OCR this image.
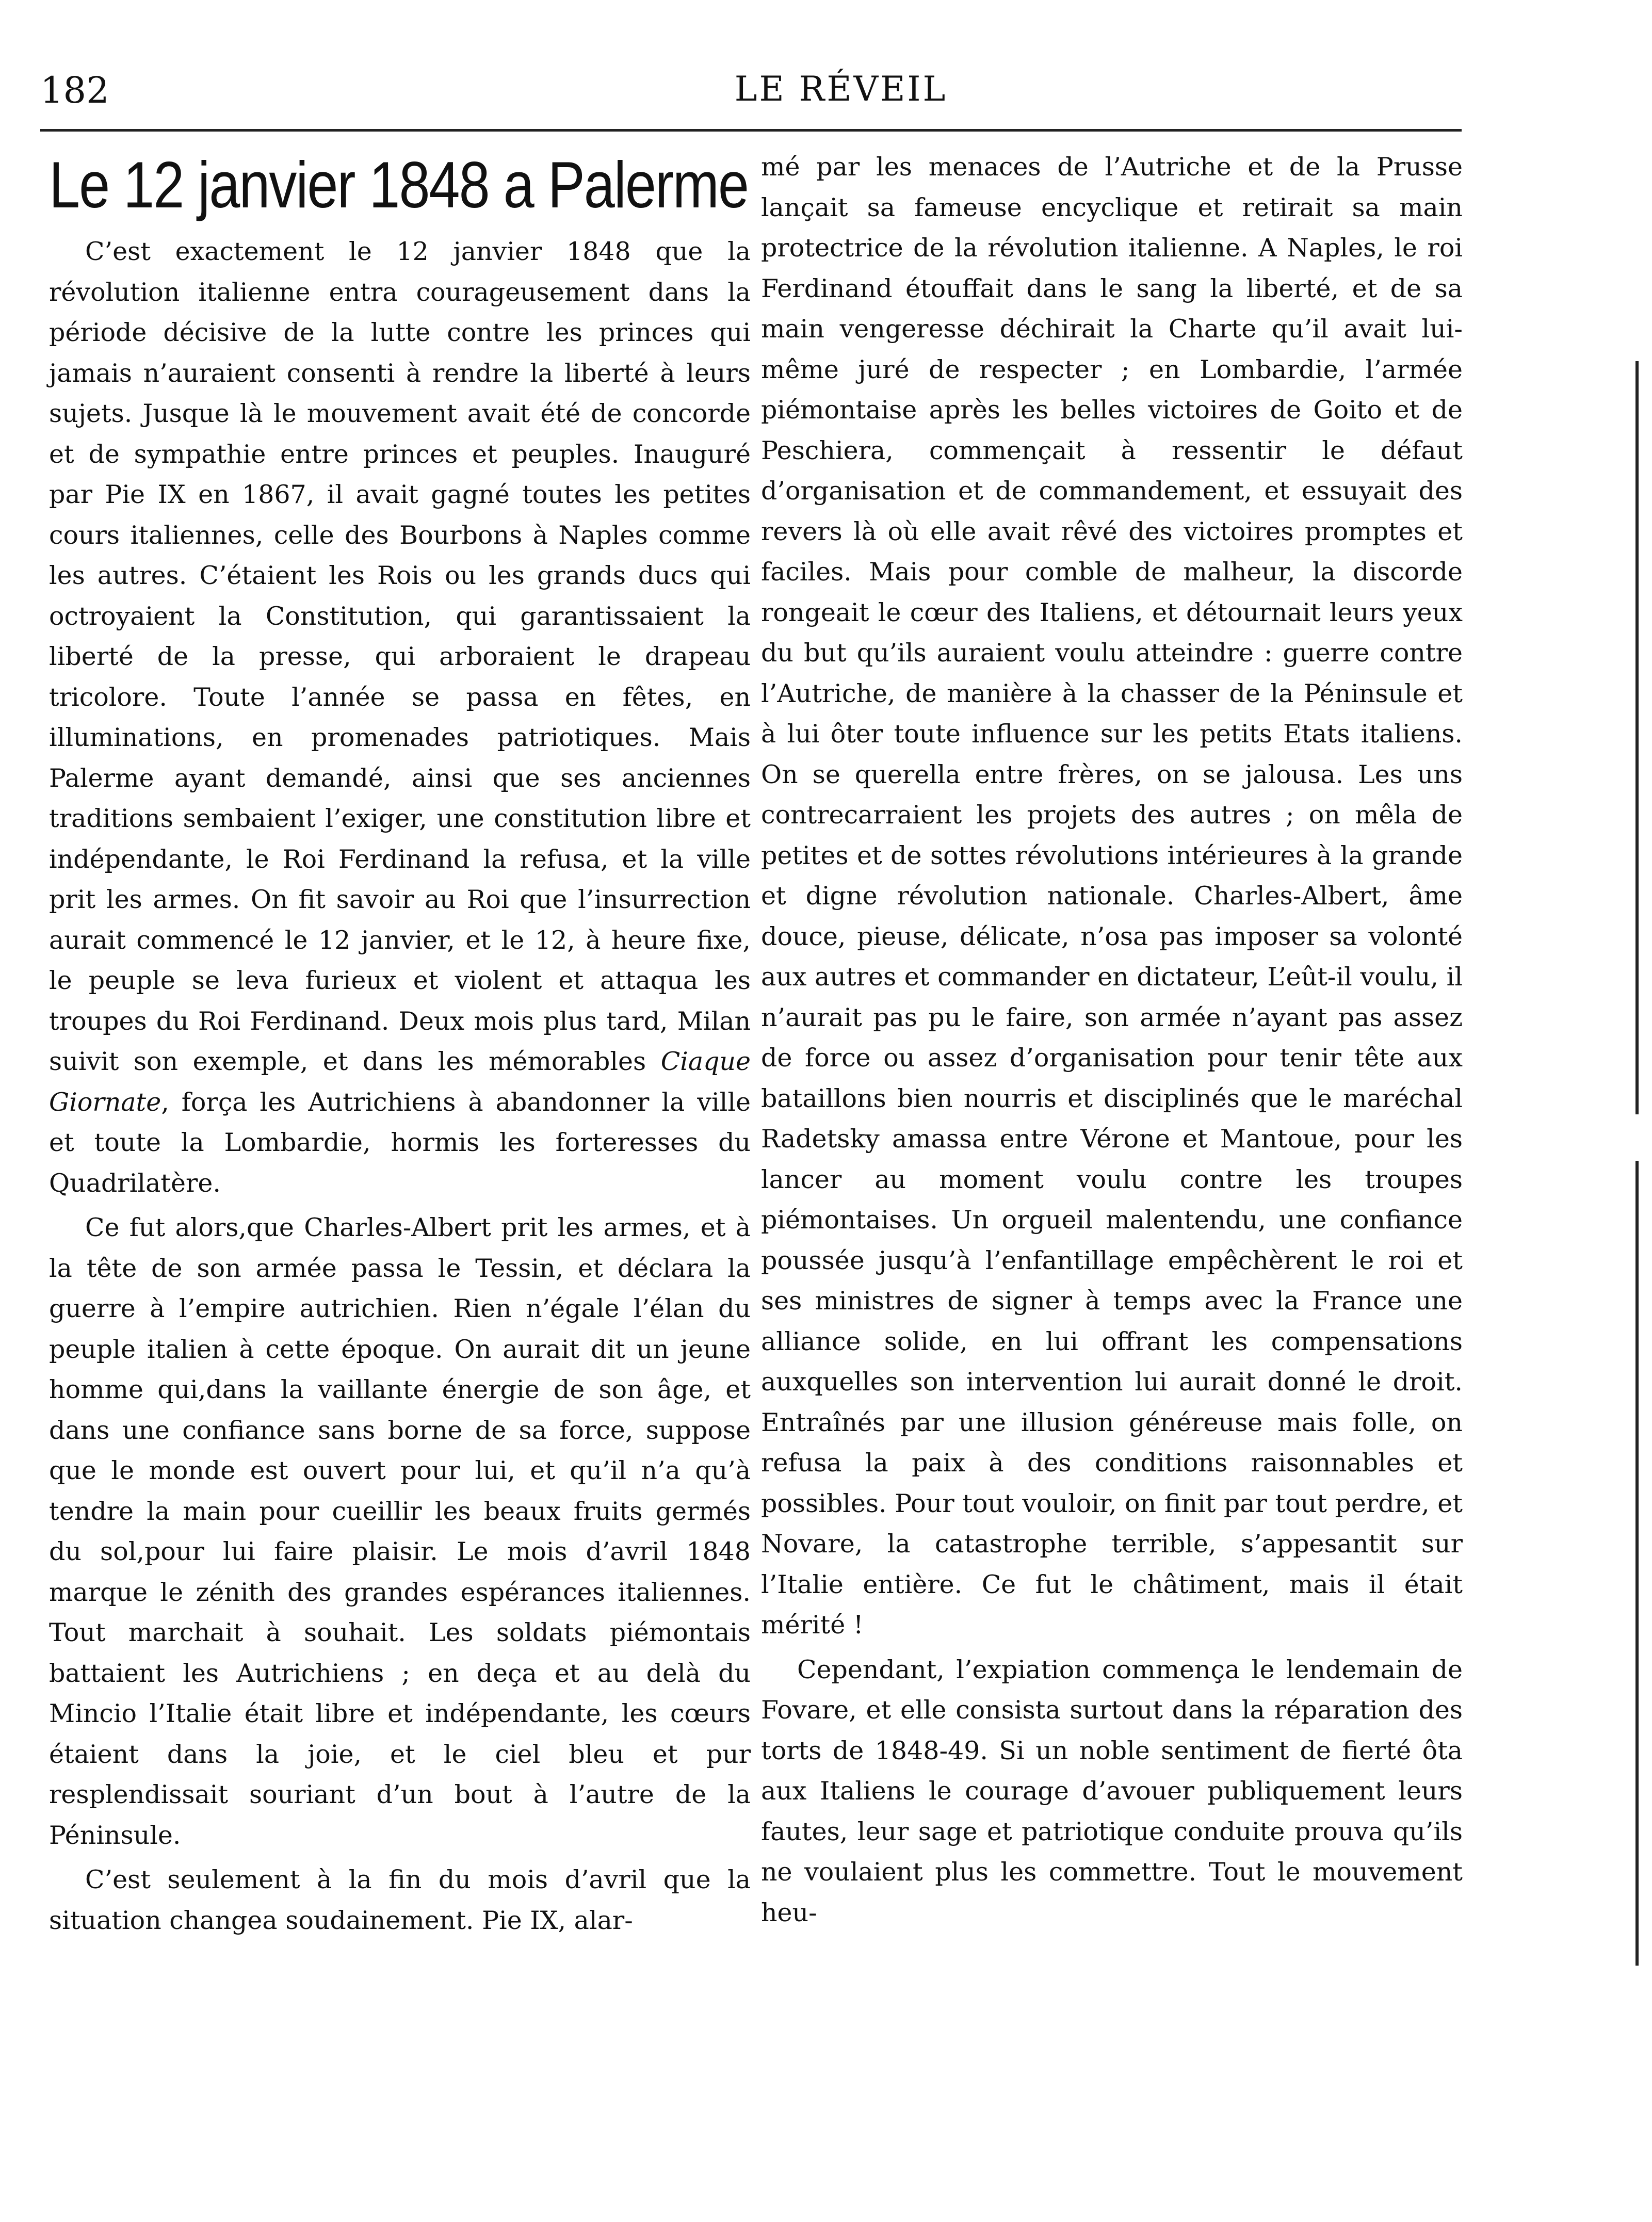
182	LE RÉVEIL
Le 12 janvier 1848 a Palerme

C’est exactement le 12 janvier 1848 que la révolution italienne entra courageusement dans la période décisive de la lutte contre les princes qui jamais n’auraient consenti à rendre la liberté à leurs sujets. Jusque là le mouvement avait été de concorde et de sympathie entre princes et peuples. Inauguré par Pie IX en 1867, il avait gagné toutes les petites cours italiennes, celle des Bourbons à Naples comme les autres. C’étaient les Rois ou les grands ducs qui octroyaient la Constitution, qui garantissaient la liberté de la presse, qui arboraient le drapeau tricolore. Toute l’année se passa en fêtes, en illuminations, en promenades patriotiques. Mais Palerme ayant demandé, ainsi que ses anciennes traditions sembaient l’exiger, une constitution libre et indépendante, le Roi Ferdinand la refusa, et la ville prit les armes. On fit savoir au Roi que l’insurrection aurait commencé le 12 janvier, et le 12, à heure fixe, le peuple se leva furieux et violent et attaqua les troupes du Roi Ferdinand. Deux mois plus tard, Milan suivit son exemple, et dans les mémorables Ciaque Giornate, força les Autrichiens à abandonner la ville et toute la Lombardie, hormis les forteresses du Quadrilatère.

Ce fut alors,que Charles-Albert prit les armes, et à la tête de son armée passa le Tessin, et déclara la guerre à l’empire autrichien. Rien n’égale l’élan du peuple italien à cette époque. On aurait dit un jeune homme qui,dans la vaillante énergie de son âge, et dans une confiance sans borne de sa force, suppose que le monde est ouvert pour lui, et qu’il n’a qu’à tendre la main pour cueillir les beaux fruits germés du sol,pour lui faire plaisir. Le mois d’avril 1848 marque le zénith des grandes espérances italiennes. Tout marchait à souhait. Les soldats piémontais battaient les Autrichiens ; en deça et au delà du Mincio l’Italie était libre et indépendante, les cœurs étaient dans la joie, et le ciel bleu et pur resplendissait souriant d’un bout à l’autre de la Péninsule.

C’est seulement à la fin du mois d’avril que la situation changea soudainement. Pie IX, alar-

mé par les menaces de l’Autriche et de la Prusse lançait sa fameuse encyclique et retirait sa main protectrice de la révolution italienne. A Naples, le roi Ferdinand étouffait dans le sang la liberté, et de sa main vengeresse déchirait la Charte qu’il avait lui-même juré de respecter ; en Lombardie, l’armée piémontaise après les belles victoires de Goito et de Peschiera, commençait à ressentir le défaut d’organisation et de commandement, et essuyait des revers là où elle avait rêvé des victoires promptes et faciles. Mais pour comble de malheur, la discorde rongeait le cœur des Italiens, et détournait leurs yeux du but qu’ils auraient voulu atteindre : guerre contre l’Autriche, de manière à la chasser de la Péninsule et à lui ôter toute influence sur les petits Etats italiens. On se querella entre frères, on se jalousa. Les uns contrecarraient les projets des autres ; on mêla de petites et de sottes révolutions intérieures à la grande et digne révolution nationale. Charles-Albert, âme douce, pieuse, délicate, n’osa pas imposer sa volonté aux autres et commander en dictateur, L’eût-il voulu, il n’aurait pas pu le faire, son armée n’ayant pas assez de force ou assez d’organisation pour tenir tête aux bataillons bien nourris et disciplinés que le maréchal Radetsky amassa entre Vérone et Mantoue, pour les lancer au moment voulu contre les troupes piémontaises. Un orgueil malentendu, une confiance poussée jusqu’à l’enfantillage empêchèrent le roi et ses ministres de signer à temps avec la France une alliance solide, en lui offrant les compensations auxquelles son intervention lui aurait donné le droit. Entraînés par une illusion généreuse mais folle, on refusa la paix à des conditions raisonnables et possibles. Pour tout vouloir, on finit par tout perdre, et Novare, la catastrophe terrible, s’appesantit sur l’Italie entière. Ce fut le châtiment, mais il était mérité !

Cependant, l’expiation commença le lendemain de Fovare, et elle consista surtout dans la réparation des torts de 1848-49. Si un noble sentiment de fierté ôta aux Italiens le courage d’avouer publiquement leurs fautes, leur sage et patriotique conduite prouva qu’ils ne voulaient plus les commettre. Tout le mouvement heu-
